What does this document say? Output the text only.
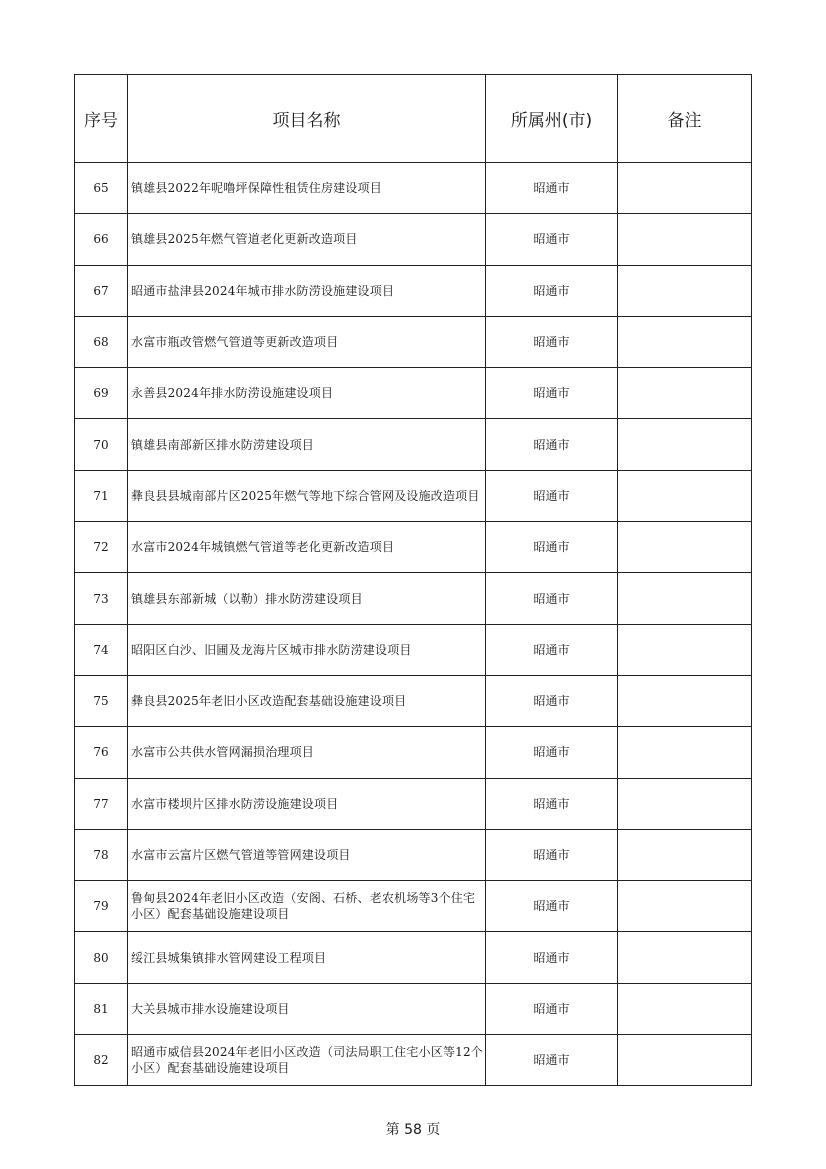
序号	项目名称	所属州(市)	备注
65	镇雄县2022年呢噜坪保障性租赁住房建设项目	昭通市	
66	镇雄县2025年燃气管道老化更新改造项目	昭通市	
67	昭通市盐津县2024年城市排水防涝设施建设项目	昭通市	
68	水富市瓶改管燃气管道等更新改造项目	昭通市	
69	永善县2024年排水防涝设施建设项目	昭通市	
70	镇雄县南部新区排水防涝建设项目	昭通市	
71	彝良县县城南部片区2025年燃气等地下综合管网及设施改造项目	昭通市	
72	水富市2024年城镇燃气管道等老化更新改造项目	昭通市	
73	镇雄县东部新城（以勒）排水防涝建设项目	昭通市	
74	昭阳区白沙、旧圃及龙海片区城市排水防涝建设项目	昭通市	
75	彝良县2025年老旧小区改造配套基础设施建设项目	昭通市	
76	水富市公共供水管网漏损治理项目	昭通市	
77	水富市楼坝片区排水防涝设施建设项目	昭通市	
78	水富市云富片区燃气管道等管网建设项目	昭通市	
79	鲁甸县2024年老旧小区改造（安阁、石桥、老农机场等3个住宅小区）配套基础设施建设项目	昭通市	
80	绥江县城集镇排水管网建设工程项目	昭通市	
81	大关县城市排水设施建设项目	昭通市	
82	昭通市威信县2024年老旧小区改造（司法局职工住宅小区等12个小区）配套基础设施建设项目	昭通市	
第 58 页
